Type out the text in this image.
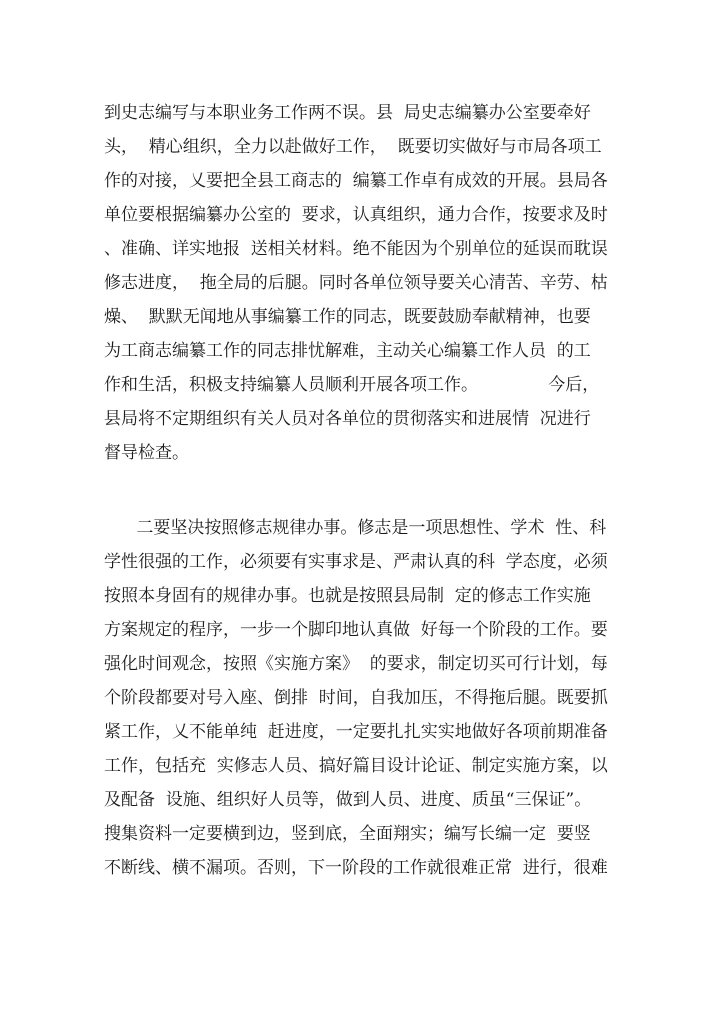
到史志编写与本职业务工作两不误。县  局史志编纂办公室要牵好
头，  精心组织，全力以赴做好工作，  既要切实做好与市局各项工
作的对接，乂要把全县工商志的  编纂工作卓有成效的开展。县局各
单位要根据编纂办公室的  要求，认真组织，通力合作，按要求及时
、准确、详实地报  送相关材料。绝不能因为个别单位的延误而耽误
修志进度，  拖全局的后腿。同时各单位领导要关心清苦、辛劳、枯
燥、  默默无闻地从事编纂工作的同志，既要鼓励奉献精神，也要
为工商志编纂工作的同志排忧解难，主动关心编纂工作人员  的工
作和生活，积极支持编纂人员顺利开展各项工作。             今后，
县局将不定期组织有关人员对各单位的贯彻落实和进展情  况进行
督导检查。
二要坚决按照修志规律办事。修志是一项思想性、学术  性、科
学性很强的工作，必须要有实事求是、严肃认真的科  学态度，必须
按照本身固有的规律办事。也就是按照县局制  定的修志工作实施
方案规定的程序，一步一个脚印地认真做  好每一个阶段的工作。要
强化时间观念，按照《实施方案》  的要求，制定切买可行计划，每
个阶段都要对号入座、倒排  时间，自我加压，不得拖后腿。既要抓
紧工作，乂不能单纯  赶进度，一定要扎扎实实地做好各项前期准备
工作，包括充  实修志人员、搞好篇目设计论证、制定实施方案，以
及配备  设施、组织好人员等，做到人员、进度、质虽“三保证”。
搜集资料一定要横到边，竖到底，全面翔实；编写长编一定  要竖
不断线、横不漏项。否则，下一阶段的工作就很难正常  进行，很难
